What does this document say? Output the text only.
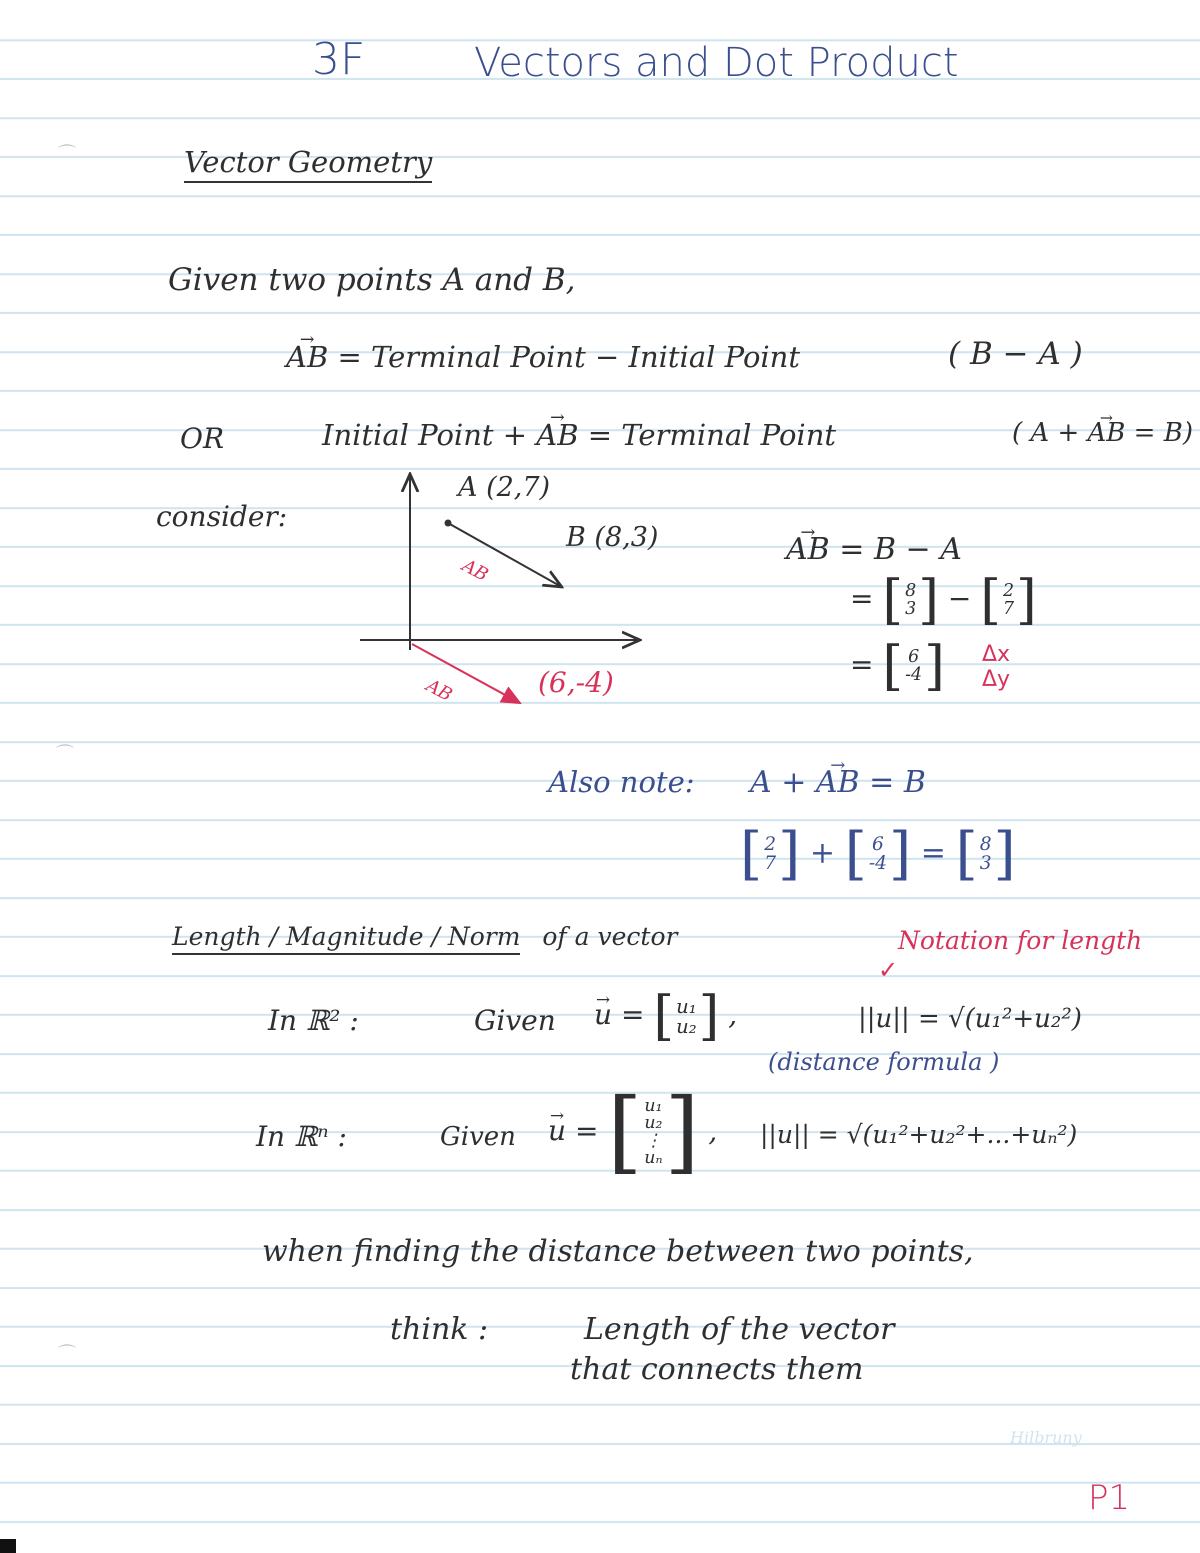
⌒
⌒
⌒
3F	Vectors and Dot Product
Vector Geometry
Given two points A and B,
→ AB = Terminal Point − Initial Point	( B − A )
OR	Initial Point + → AB = Terminal Point	( A + → AB = B)
consider:
A (2,7)
B (8,3)
AB
AB	(6,-4)
→ AB = B − A
= [ 8
3 ] − [ 2
7 ]
= [ 6
-4 ] Δx
Δy
Also note: A + → AB = B
[ 2
7 ] + [ 6
-4 ] = [ 8
3 ]
Length / Magnitude / Norm of a vector	Notation for length
✓
In ℝ² :	Given → u = [ u₁
u₂ ] ,	||u|| = √(u₁²+u₂²)
(distance formula )
In ℝⁿ :	Given → u = [ u₁
u₂
⋮
uₙ ] , ||u|| = √(u₁²+u₂²+...+uₙ²)
when finding the distance between two points,
think :	Length of the vector
that connects them
Hilbruny
P1
